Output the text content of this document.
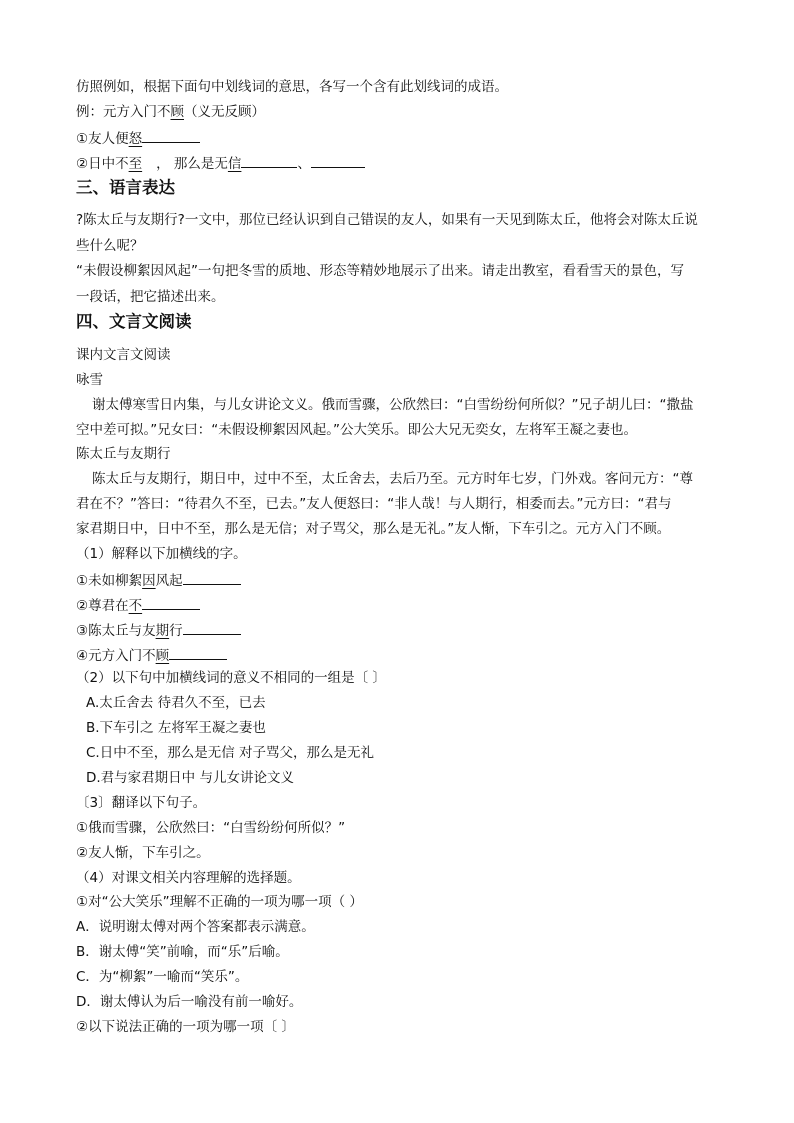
仿照例如，根据下面句中划线词的意思，各写一个含有此划线词的成语。
例：元方入门不顾（义无反顾）
①友人便怒
②日中不至 ， 那么是无信	、
三、语言表达
?陈太丘与友期行?一文中，那位已经认识到自己错误的友人，如果有一天见到陈太丘，他将会对陈太丘说
些什么呢？
“未假设柳絮因风起”一句把冬雪的质地、形态等精妙地展示了出来。请走出教室，看看雪天的景色，写
一段话，把它描述出来。
四、文言文阅读
课内文言文阅读
咏雪
谢太傅寒雪日内集，与儿女讲论文义。俄而雪骤，公欣然曰：“白雪纷纷何所似？”兄子胡儿曰：“撒盐
空中差可拟。”兄女曰：“未假设柳絮因风起。”公大笑乐。即公大兄无奕女，左将军王凝之妻也。
陈太丘与友期行
陈太丘与友期行，期日中，过中不至，太丘舍去，去后乃至。元方时年七岁，门外戏。客问元方：“尊
君在不？”答曰：“待君久不至，已去。”友人便怒曰：“非人哉！与人期行，相委而去。”元方曰：“君与
家君期日中，日中不至，那么是无信；对子骂父，那么是无礼。”友人惭，下车引之。元方入门不顾。
（1）解释以下加横线的字。
①未如柳絮因风起
②尊君在不
③陈太丘与友期行
④元方入门不顾
（2）以下句中加横线词的意义不相同的一组是〔 〕
A.太丘舍去 待君久不至，已去
B.下车引之 左将军王凝之妻也
C.日中不至，那么是无信 对子骂父，那么是无礼
D.君与家君期日中 与儿女讲论文义
〔3〕翻译以下句子。
①俄而雪骤，公欣然曰：“白雪纷纷何所似？”
②友人惭，下车引之。
（4）对课文相关内容理解的选择题。
①对“公大笑乐”理解不正确的一项为哪一项（ ）
A．说明谢太傅对两个答案都表示满意。
B．谢太傅“笑”前喻，而“乐”后喻。
C．为“柳絮”一喻而“笑乐”。
D．谢太傅认为后一喻没有前一喻好。
②以下说法正确的一项为哪一项〔 〕
